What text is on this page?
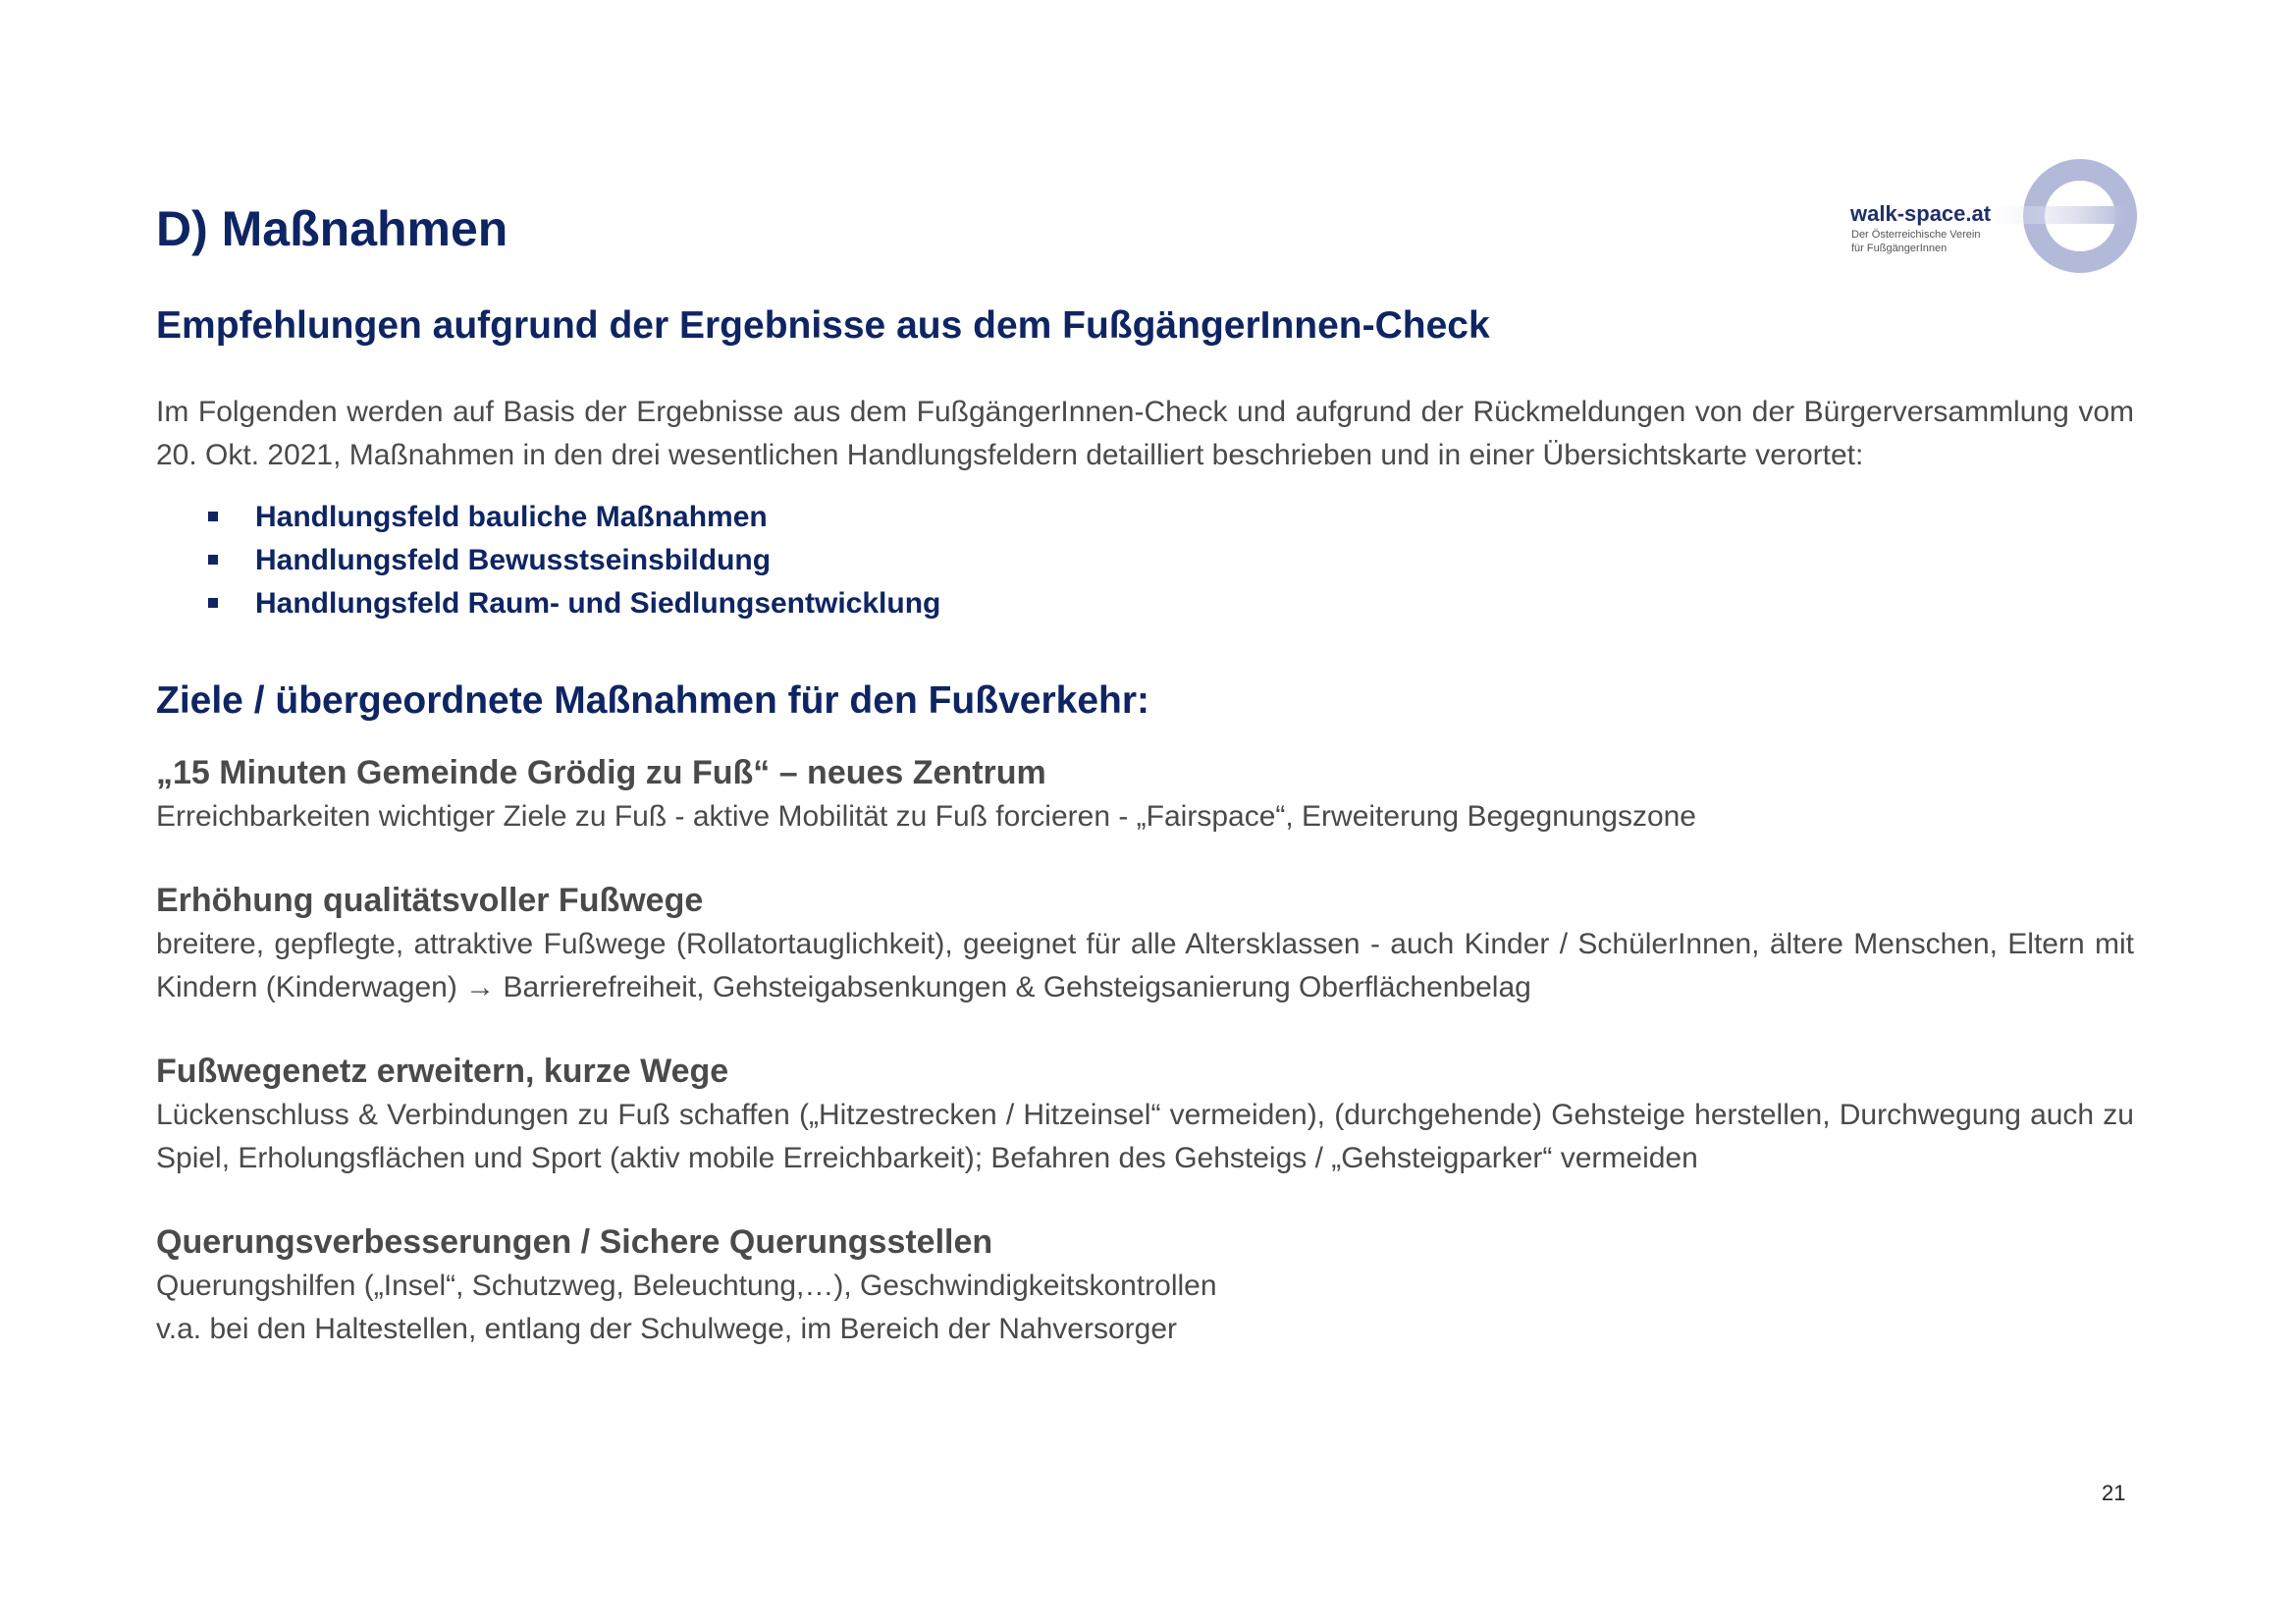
walk-space.at
Der Österreichische Verein
für FußgängerInnen
D) Maßnahmen
Empfehlungen aufgrund der Ergebnisse aus dem FußgängerInnen-Check

Im Folgenden werden auf Basis der Ergebnisse aus dem FußgängerInnen-Check und aufgrund der Rückmeldungen von der Bürgerversammlung vom 20. Okt. 2021, Maßnahmen in den drei wesentlichen Handlungsfeldern detailliert beschrieben und in einer Übersichtskarte verortet:

Handlungsfeld bauliche Maßnahmen
Handlungsfeld Bewusstseinsbildung
Handlungsfeld Raum- und Siedlungsentwicklung
Ziele / übergeordnete Maßnahmen für den Fußverkehr:

„15 Minuten Gemeinde Grödig zu Fuß“ – neues Zentrum

Erreichbarkeiten wichtiger Ziele zu Fuß - aktive Mobilität zu Fuß forcieren - „Fairspace“, Erweiterung Begegnungszone

Erhöhung qualitätsvoller Fußwege

breitere, gepflegte, attraktive Fußwege (Rollatortauglichkeit), geeignet für alle Altersklassen - auch Kinder / SchülerInnen, ältere Menschen, Eltern mit Kindern (Kinderwagen) → Barrierefreiheit, Gehsteigabsenkungen & Gehsteigsanierung Oberflächenbelag

Fußwegenetz erweitern, kurze Wege

Lückenschluss & Verbindungen zu Fuß schaffen („Hitzestrecken / Hitzeinsel“ vermeiden), (durchgehende) Gehsteige herstellen, Durchwegung auch zu Spiel, Erholungsflächen und Sport (aktiv mobile Erreichbarkeit); Befahren des Gehsteigs / „Gehsteigparker“ vermeiden

Querungsverbesserungen / Sichere Querungsstellen

Querungshilfen („Insel“, Schutzweg, Beleuchtung,…), Geschwindigkeitskontrollen

v.a. bei den Haltestellen, entlang der Schulwege, im Bereich der Nahversorger

21
